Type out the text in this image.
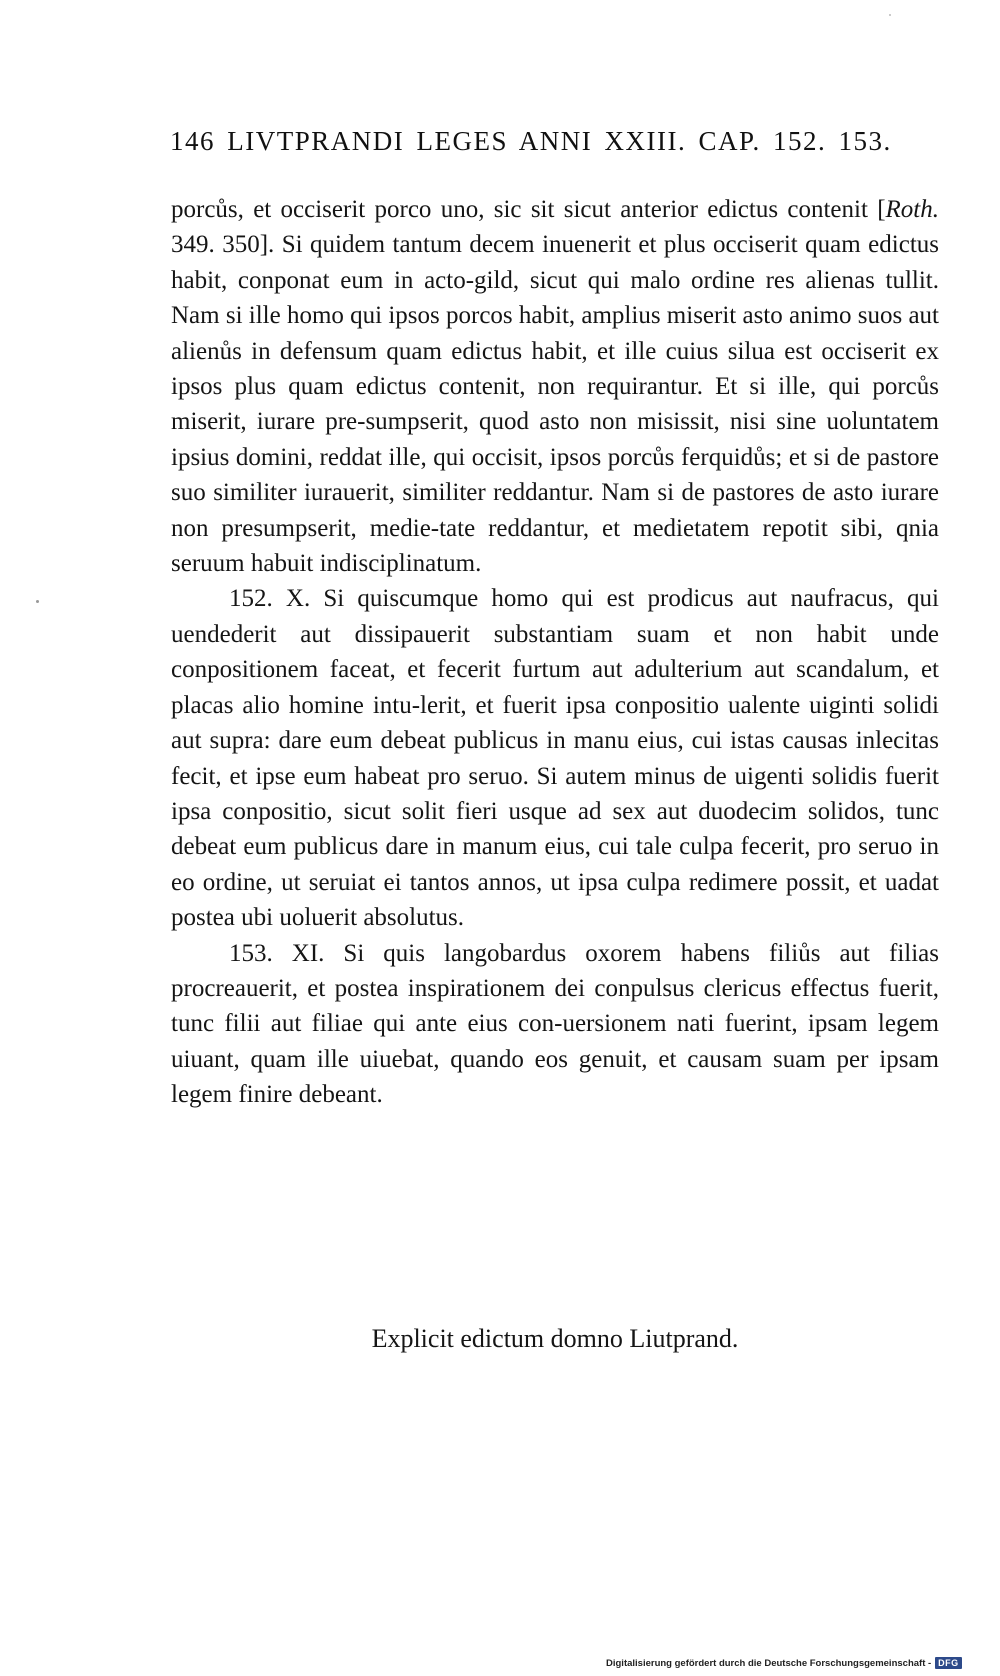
146 LIVTPRANDI LEGES ANNI XXIII. CAP. 152. 153.

porcůs, et occiserit porco uno, sic sit sicut anterior edictus contenit [Roth. 349. 350]. Si quidem tantum decem inuenerit et plus occiserit quam edictus habit, conponat eum in acto-gild, sicut qui malo ordine res alienas tullit. Nam si ille homo qui ipsos porcos habit, amplius miserit asto animo suos aut alienůs in defensum quam edictus habit, et ille cuius silua est occiserit ex ipsos plus quam edictus contenit, non requirantur. Et si ille, qui porcůs miserit, iurare pre-sumpserit, quod asto non misissit, nisi sine uoluntatem ipsius domini, reddat ille, qui occisit, ipsos porcůs ferquidůs; et si de pastore suo similiter iurauerit, similiter reddantur. Nam si de pastores de asto iurare non presumpserit, medie-tate reddantur, et medietatem repotit sibi, qnia seruum habuit indisciplinatum.

152. X. Si quiscumque homo qui est prodicus aut naufracus, qui uendederit aut dissipauerit substantiam suam et non habit unde conpositionem faceat, et fecerit furtum aut adulterium aut scandalum, et placas alio homine intu-lerit, et fuerit ipsa conpositio ualente uiginti solidi aut supra: dare eum debeat publicus in manu eius, cui istas causas inlecitas fecit, et ipse eum habeat pro seruo. Si autem minus de uigenti solidis fuerit ipsa conpositio, sicut solit fieri usque ad sex aut duodecim solidos, tunc debeat eum publicus dare in manum eius, cui tale culpa fecerit, pro seruo in eo ordine, ut seruiat ei tantos annos, ut ipsa culpa redimere possit, et uadat postea ubi uoluerit absolutus.

153. XI. Si quis langobardus oxorem habens filiůs aut filias procreauerit, et postea inspirationem dei conpulsus clericus effectus fuerit, tunc filii aut filiae qui ante eius con-uersionem nati fuerint, ipsam legem uiuant, quam ille uiuebat, quando eos genuit, et causam suam per ipsam legem finire debeant.

Explicit edictum domno Liutprand.
Digitalisierung gefördert durch die Deutsche Forschungsgemeinschaft - DFG
